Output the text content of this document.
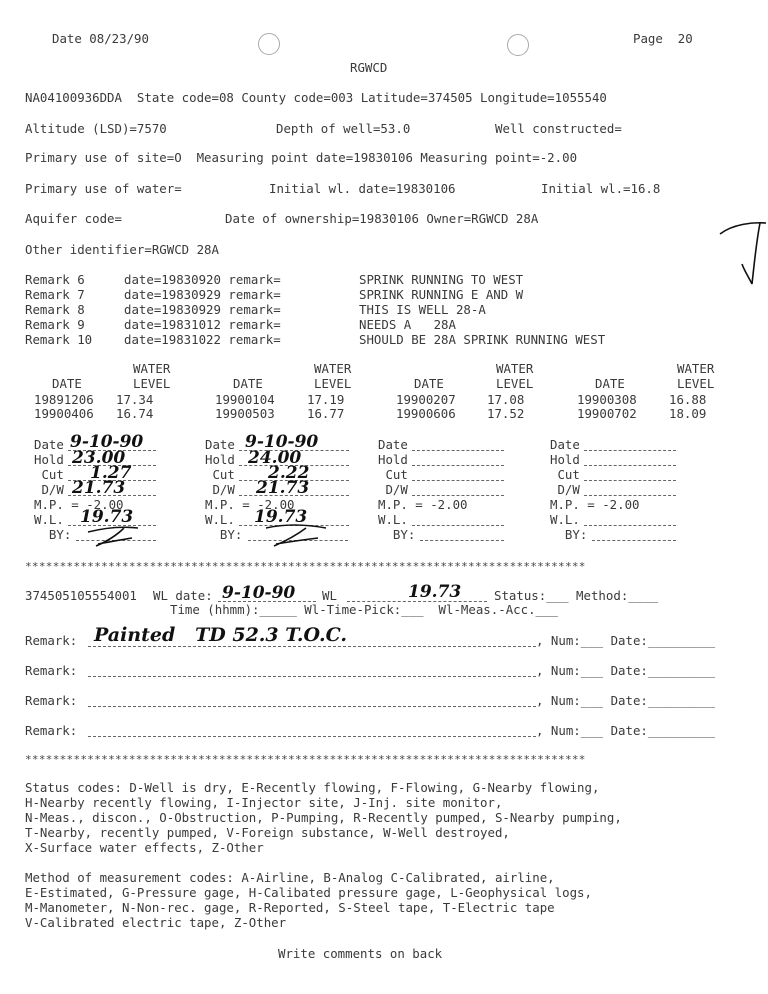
Date 08/23/90	Page  20
RGWCD
NA04100936DDA  State code=08 County code=003 Latitude=374505 Longitude=1055540
Altitude (LSD)=7570	Depth of well=53.0	Well constructed=
Primary use of site=O  Measuring point date=19830106 Measuring point=-2.00
Primary use of water=	Initial wl. date=19830106	Initial wl.=16.8
Aquifer code=	Date of ownership=19830106 Owner=RGWCD 28A
Other identifier=RGWCD 28A
Remark 6	date=19830920 remark=	SPRINK RUNNING TO WEST
Remark 7	date=19830929 remark=	SPRINK RUNNING E AND W
Remark 8	date=19830929 remark=	THIS IS WELL 28-A
Remark 9	date=19831012 remark=	NEEDS A   28A
Remark 10	date=19831022 remark=	SHOULD BE 28A SPRINK RUNNING WEST
WATER	WATER	WATER	WATER
DATE	LEVEL	DATE	LEVEL	DATE	LEVEL	DATE	LEVEL
19891206 17.34	19900104	17.19	19900207	17.08	19900308	16.88
19900406 16.74	19900503	16.77	19900606	17.52	19900702	18.09
Date 9-10-90
Hold 23.00
Cut 1.27
D/W 21.73
M.P. = -2.00
W.L. 19.73
BY:
Date 9-10-90
Hold 24.00
Cut 2.22
D/W 21.73
M.P. = -2.00
W.L. 19.73
BY:
Date
Hold
Cut
D/W
M.P. = -2.00
W.L.
BY:
Date
Hold
Cut
D/W
M.P. = -2.00
W.L.
BY:
*********************************************************************************
374505105554001 WL date: 9-10-90 WL	19.73	Status:___ Method:____
Time (hhmm):_____ Wl-Time-Pick:___  Wl-Meas.-Acc.___
Remark: Painted   TD 52.3 T.O.C.	, Num:___ Date:_________
Remark:	, Num:___ Date:_________
Remark:	, Num:___ Date:_________
Remark:	, Num:___ Date:_________
*********************************************************************************
Status codes: D-Well is dry, E-Recently flowing, F-Flowing, G-Nearby flowing,
H-Nearby recently flowing, I-Injector site, J-Inj. site monitor,
N-Meas., discon., O-Obstruction, P-Pumping, R-Recently pumped, S-Nearby pumping,
T-Nearby, recently pumped, V-Foreign substance, W-Well destroyed,
X-Surface water effects, Z-Other
Method of measurement codes: A-Airline, B-Analog C-Calibrated, airline,
E-Estimated, G-Pressure gage, H-Calibated pressure gage, L-Geophysical logs,
M-Manometer, N-Non-rec. gage, R-Reported, S-Steel tape, T-Electric tape
V-Calibrated electric tape, Z-Other
Write comments on back
